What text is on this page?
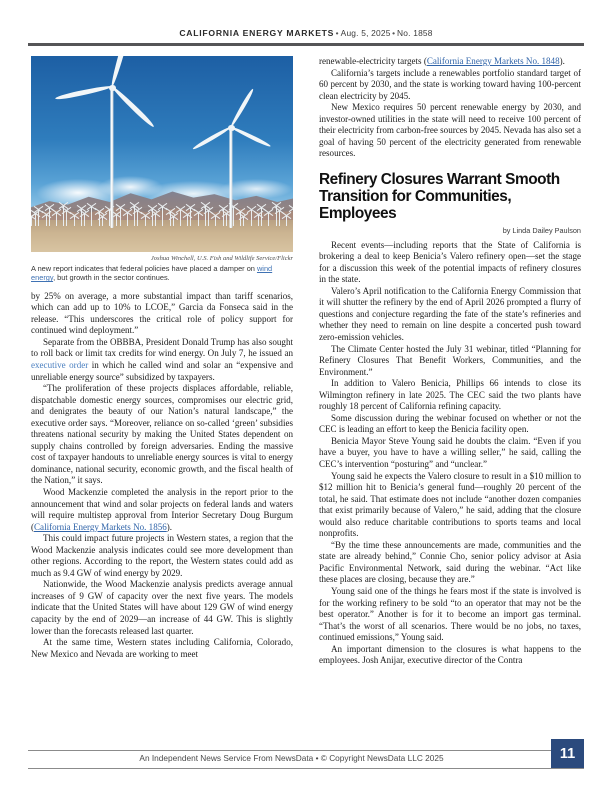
CALIFORNIA ENERGY MARKETS • Aug. 5, 2025 • No. 1858
Joshua Winchell, U.S. Fish and Wildlife Service/Flickr
A new report indicates that federal policies have placed a damper on wind energy, but growth in the sector continues.

by 25% on average, a more substantial impact than tariff scenarios, which can add up to 10% to LCOE,” Garcia da Fonseca said in the release. “This underscores the critical role of policy support for continued wind deployment.”

Separate from the OBBBA, President Donald Trump has also sought to roll back or limit tax credits for wind energy. On July 7, he issued an executive order in which he called wind and solar an “expensive and unreliable energy source” subsidized by taxpayers.

“The proliferation of these projects displaces affordable, reliable, dispatchable domestic energy sources, compromises our electric grid, and denigrates the beauty of our Nation’s natural landscape,” the executive order says. “Moreover, reliance on so-called ‘green’ subsidies threatens national security by making the United States dependent on supply chains controlled by foreign adversaries. Ending the massive cost of taxpayer handouts to unreliable energy sources is vital to energy dominance, national security, economic growth, and the fiscal health of the Nation,” it says.

Wood Mackenzie completed the analysis in the report prior to the announcement that wind and solar projects on federal lands and waters will require multistep approval from Interior Secretary Doug Burgum (California Energy Markets No. 1856).

This could impact future projects in Western states, a region that the Wood Mackenzie analysis indicates could see more development than other regions. According to the report, the Western states could add as much as 9.4 GW of wind energy by 2029.

Nationwide, the Wood Mackenzie analysis predicts average annual increases of 9 GW of capacity over the next five years. The models indicate that the United States will have about 129 GW of wind energy capacity by the end of 2029—an increase of 44 GW. This is slightly lower than the forecasts released last quarter.

At the same time, Western states including California, Colorado, New Mexico and Nevada are working to meet

renewable-electricity targets (California Energy Markets No. 1848).

California’s targets include a renewables portfolio standard target of 60 percent by 2030, and the state is working toward having 100-percent clean electricity by 2045.

New Mexico requires 50 percent renewable energy by 2030, and investor-owned utilities in the state will need to receive 100 percent of their electricity from carbon-free sources by 2045. Nevada has also set a goal of having 50 percent of the electricity generated from renewable resources.

Refinery Closures Warrant Smooth Transition for Communities, Employees
by Linda Dailey Paulson

Recent events—including reports that the State of California is brokering a deal to keep Benicia’s Valero refinery open—set the stage for a discussion this week of the potential impacts of refinery closures in the state.

Valero’s April notification to the California Energy Commission that it will shutter the refinery by the end of April 2026 prompted a flurry of questions and conjecture regarding the fate of the state’s refineries and whether they need to remain on line despite a concerted push toward zero-emission vehicles.

The Climate Center hosted the July 31 webinar, titled “Planning for Refinery Closures That Benefit Workers, Communities, and the Environment.”

In addition to Valero Benicia, Phillips 66 intends to close its Wilmington refinery in late 2025. The CEC said the two plants have roughly 18 percent of California refining capacity.

Some discussion during the webinar focused on whether or not the CEC is leading an effort to keep the Benicia facility open.

Benicia Mayor Steve Young said he doubts the claim. “Even if you have a buyer, you have to have a willing seller,” he said, calling the CEC’s intervention “posturing” and “unclear.”

Young said he expects the Valero closure to result in a $10 million to $12 million hit to Benicia’s general fund—roughly 20 percent of the total, he said. That estimate does not include “another dozen companies that exist primarily because of Valero,” he said, adding that the closure would also reduce charitable contributions to sports teams and local nonprofits.

“By the time these announcements are made, communities and the state are already behind,” Connie Cho, senior policy advisor at Asia Pacific Environmental Network, said during the webinar. “Act like these places are closing, because they are.”

Young said one of the things he fears most if the state is involved is for the working refinery to be sold “to an operator that may not be the best operator.” Another is for it to become an import gas terminal. “That’s the worst of all scenarios. There would be no jobs, no taxes, continued emissions,” Young said.

An important dimension to the closures is what happens to the employees. Josh Anijar, executive director of the Contra

An Independent News Service From NewsData • © Copyright NewsData LLC 2025	11
